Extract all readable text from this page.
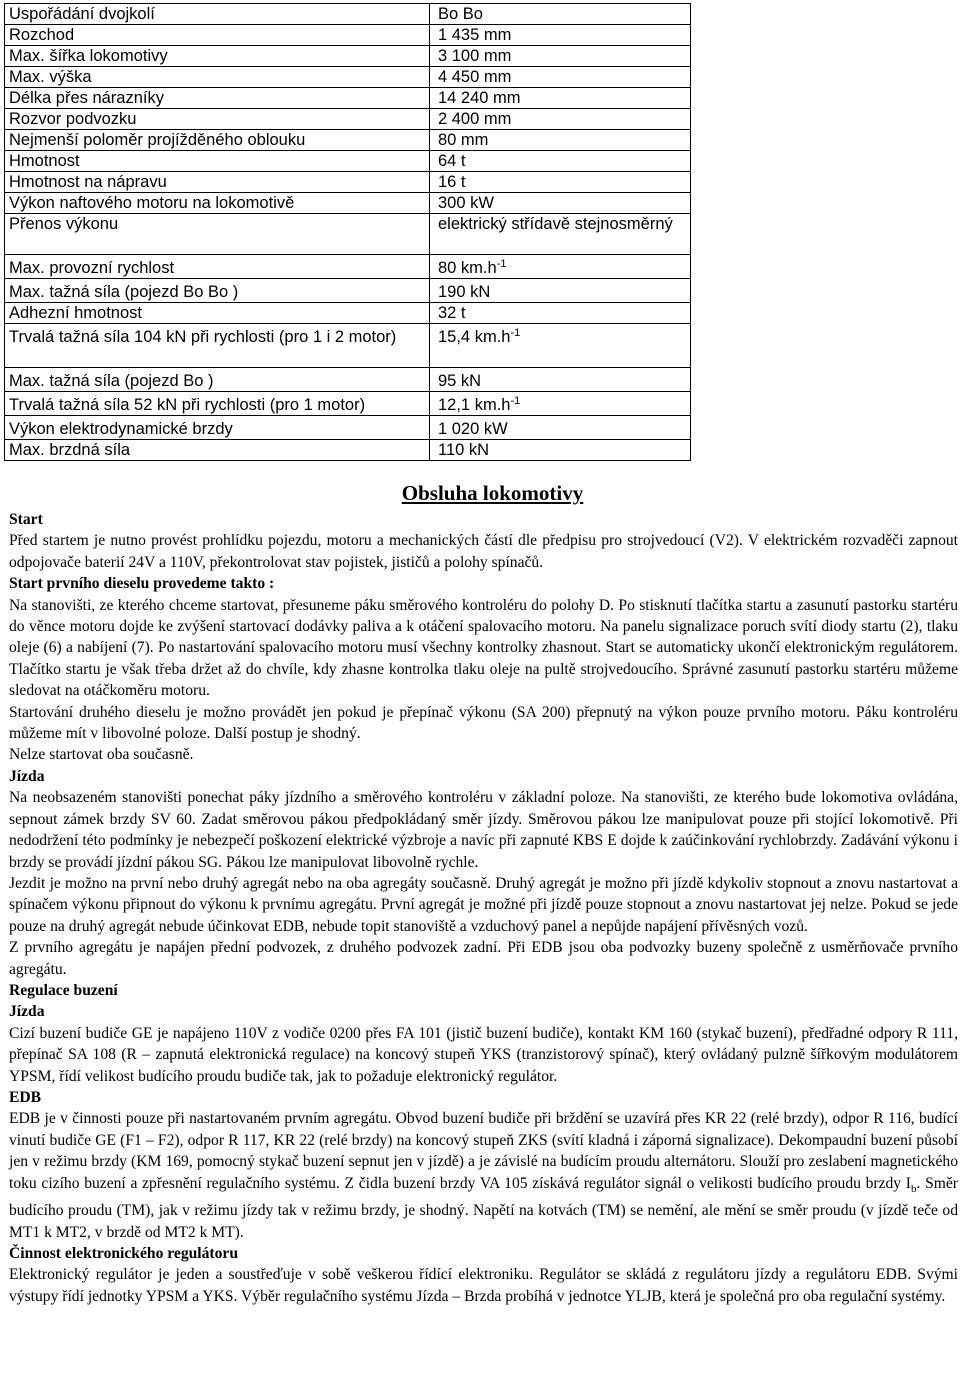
Uspořádání dvojkolí	Bo Bo
Rozchod	1 435 mm
Max. šířka lokomotivy	3 100 mm
Max. výška	4 450 mm
Délka přes nárazníky	14 240 mm
Rozvor podvozku	2 400 mm
Nejmenší poloměr projížděného oblouku	80 mm
Hmotnost	64 t
Hmotnost na nápravu	16 t
Výkon naftového motoru na lokomotivě	300 kW
Přenos výkonu	elektrický střídavě stejnosměrný
Max. provozní rychlost	80 $km.h^{-1}$
Max. tažná síla (pojezd Bo Bo )	190 kN
Adhezní hmotnost	32 t
Trvalá tažná síla 104 kN při rychlosti (pro 1 i 2 motor)	15,4 $km.h^{-1}$
Max. tažná síla (pojezd Bo )	95 kN
Trvalá tažná síla 52 kN při rychlosti (pro 1 motor)	12,1 $km.h^{-1}$
Výkon elektrodynamické brzdy	1 020 kW
Max. brzdná síla	110 kN
Obsluha lokomotivy
Start

Před startem je nutno provést prohlídku pojezdu, motoru a mechanických částí dle předpisu pro strojvedoucí (V2). V elektrickém rozvaděči zapnout odpojovače baterií 24V a 110V, překontrolovat stav pojistek, jističů a polohy spínačů.

Start prvního dieselu provedeme takto :

Na stanovišti, ze kterého chceme startovat, přesuneme páku směrového kontroléru do polohy D. Po stisknutí tlačítka startu a zasunutí pastorku startéru do věnce motoru dojde ke zvýšení startovací dodávky paliva a k otáčení spalovacího motoru. Na panelu signalizace poruch svítí diody startu (2), tlaku oleje (6) a nabíjení (7). Po nastartování spalovacího motoru musí všechny kontrolky zhasnout. Start se automaticky ukončí elektronickým regulátorem. Tlačítko startu je však třeba držet až do chvíle, kdy zhasne kontrolka tlaku oleje na pultě strojvedoucího. Správné zasunutí pastorku startéru můžeme sledovat na otáčkoměru motoru.

Startování druhého dieselu je možno provádět jen pokud je přepínač výkonu (SA 200) přepnutý na výkon pouze prvního motoru. Páku kontroléru můžeme mít v libovolné poloze. Další postup je shodný.

Nelze startovat oba současně.

Jízda

Na neobsazeném stanovišti ponechat páky jízdního a směrového kontroléru v základní poloze. Na stanovišti, ze kterého bude lokomotiva ovládána, sepnout zámek brzdy SV 60. Zadat směrovou pákou předpokládaný směr jízdy. Směrovou pákou lze manipulovat pouze při stojící lokomotivě. Při nedodržení této podmínky je nebezpečí poškození elektrické výzbroje a navíc při zapnuté KBS E dojde k zaúčinkování rychlobrzdy. Zadávání výkonu i brzdy se provádí jízdní pákou SG. Pákou lze manipulovat libovolně rychle.

Jezdit je možno na první nebo druhý agregát nebo na oba agregáty současně. Druhý agregát je možno při jízdě kdykoliv stopnout a znovu nastartovat a spínačem výkonu připnout do výkonu k prvnímu agregátu. První agregát je možné při jízdě pouze stopnout a znovu nastartovat jej nelze. Pokud se jede pouze na druhý agregát nebude účinkovat EDB, nebude topit stanoviště a vzduchový panel a nepůjde napájení přívěsných vozů.

Z prvního agregátu je napájen přední podvozek, z druhého podvozek zadní. Při EDB jsou oba podvozky buzeny společně z usměrňovače prvního agregátu.

Regulace buzení
Jízda

Cizí buzení budiče GE je napájeno 110V z vodiče 0200 přes FA 101 (jistič buzení budiče), kontakt KM 160 (stykač buzení), předřadné odpory R 111, přepínač SA 108 (R – zapnutá elektronická regulace) na koncový stupeň YKS (tranzistorový spínač), který ovládaný pulzně šířkovým modulátorem YPSM, řídí velikost budícího proudu budiče tak, jak to požaduje elektronický regulátor.

EDB

EDB je v činnosti pouze při nastartovaném prvním agregátu. Obvod buzení budiče při brždění se uzavírá přes KR 22 (relé brzdy), odpor R 116, budící vinutí budiče GE (F1 – F2), odpor R 117, KR 22 (relé brzdy) na koncový stupeň ZKS (svítí kladná i záporná signalizace). Dekompaudní buzení působí jen v režimu brzdy (KM 169, pomocný stykač buzení sepnut jen v jízdě) a je závislé na budícím proudu alternátoru. Slouží pro zeslabení magnetického toku cizího buzení a zpřesnění regulačního systému. Z čidla buzení brzdy VA 105 získává regulátor signál o velikosti budícího proudu brzdy $I_b$. Směr budícího proudu (TM), jak v režimu jízdy tak v režimu brzdy, je shodný. Napětí na kotvách (TM) se nemění, ale mění se směr proudu (v jízdě teče od MT1 k MT2, v brzdě od MT2 k MT).

Činnost elektronického regulátoru

Elektronický regulátor je jeden a soustřeďuje v sobě veškerou řídící elektroniku. Regulátor se skládá z regulátoru jízdy a regulátoru EDB. Svými výstupy řídí jednotky YPSM a YKS. Výběr regulačního systému Jízda – Brzda probíhá v jednotce YLJB, která je společná pro oba regulační systémy.
